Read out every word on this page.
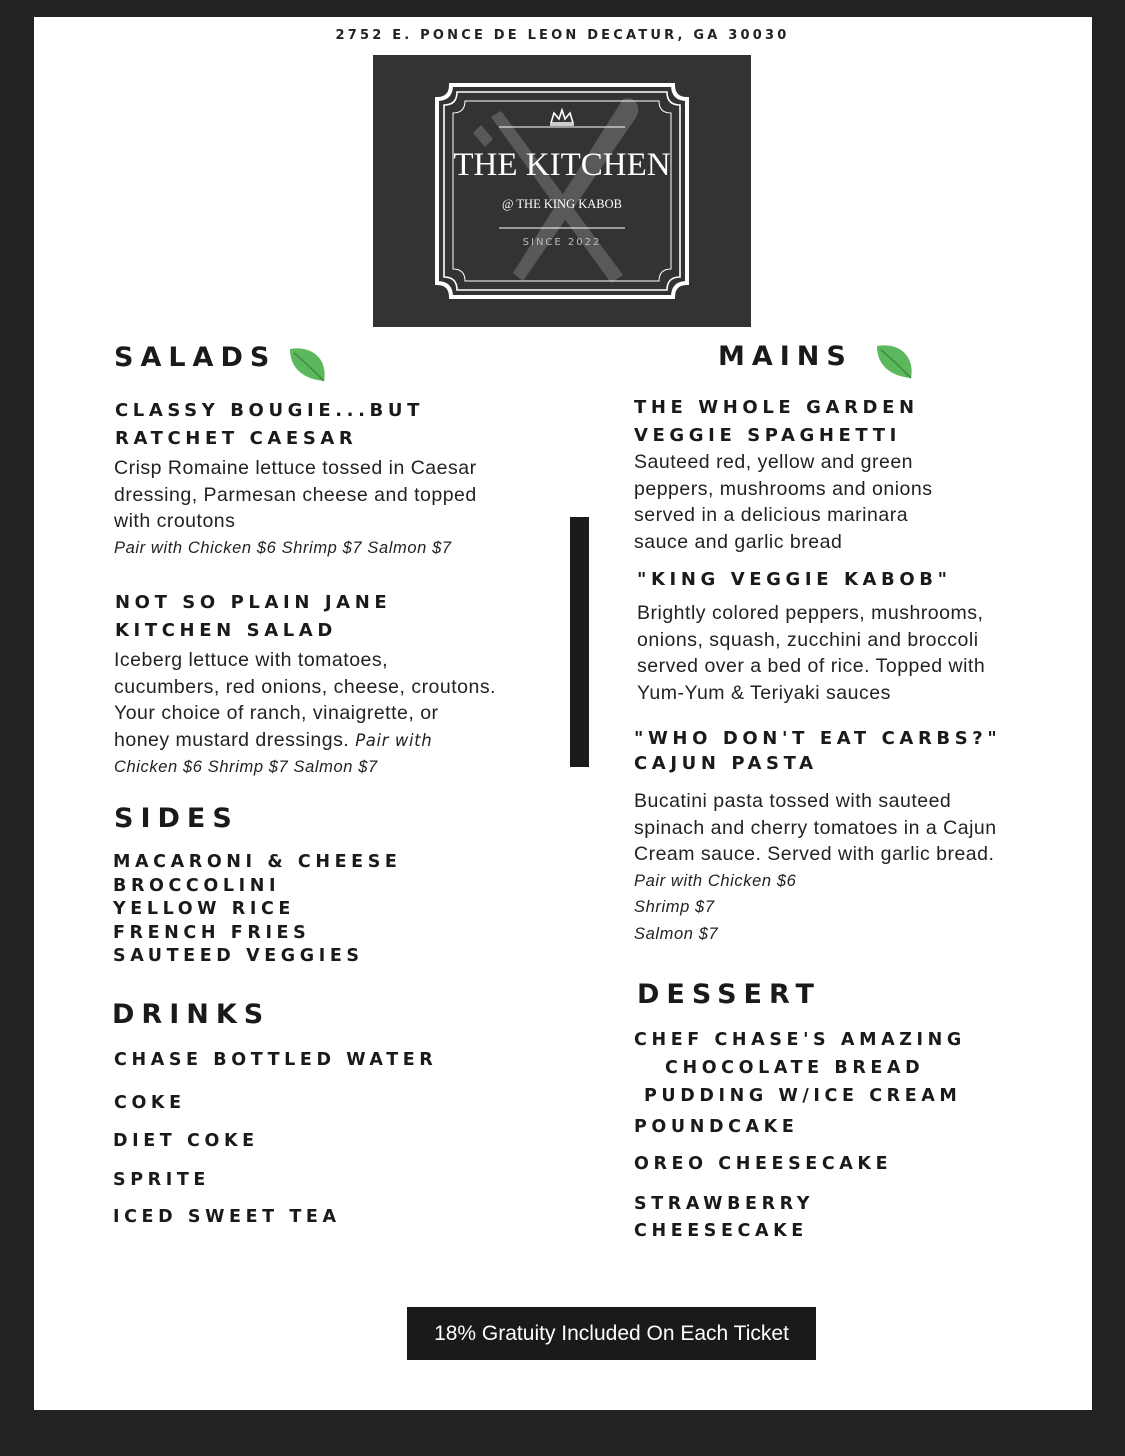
2752 E. PONCE DE LEON DECATUR, GA 30030
THE KITCHEN
@ THE KING KABOB
SINCE 2022
SALADS
CLASSY BOUGIE...BUT
RATCHET CAESAR
Crisp Romaine lettuce tossed in Caesar
dressing, Parmesan cheese and topped
with croutons
Pair with Chicken $6 Shrimp $7 Salmon $7
NOT SO PLAIN JANE
KITCHEN SALAD
Iceberg lettuce with tomatoes,
cucumbers, red onions, cheese, croutons.
Your choice of ranch, vinaigrette, or
honey mustard dressings. Pair with
Chicken $6 Shrimp $7 Salmon $7
SIDES
MACARONI & CHEESE
BROCCOLINI
YELLOW RICE
FRENCH FRIES
SAUTEED VEGGIES
DRINKS
CHASE BOTTLED WATER
COKE
DIET COKE
SPRITE
ICED SWEET TEA
MAINS
THE WHOLE GARDEN
VEGGIE SPAGHETTI
Sauteed red, yellow and green
peppers, mushrooms and onions
served in a delicious marinara
sauce and garlic bread
"KING VEGGIE KABOB"
Brightly colored peppers, mushrooms,
onions, squash, zucchini and broccoli
served over a bed of rice. Topped with
Yum-Yum & Teriyaki sauces
"WHO DON'T EAT CARBS?"
CAJUN PASTA
Bucatini pasta tossed with sauteed
spinach and cherry tomatoes in a Cajun
Cream sauce. Served with garlic bread.
Pair with Chicken $6
Shrimp $7
Salmon $7
DESSERT
CHEF CHASE'S AMAZING
CHOCOLATE BREAD
PUDDING W/ICE CREAM
POUNDCAKE
OREO CHEESECAKE
STRAWBERRY
CHEESECAKE
18% Gratuity Included On Each Ticket
